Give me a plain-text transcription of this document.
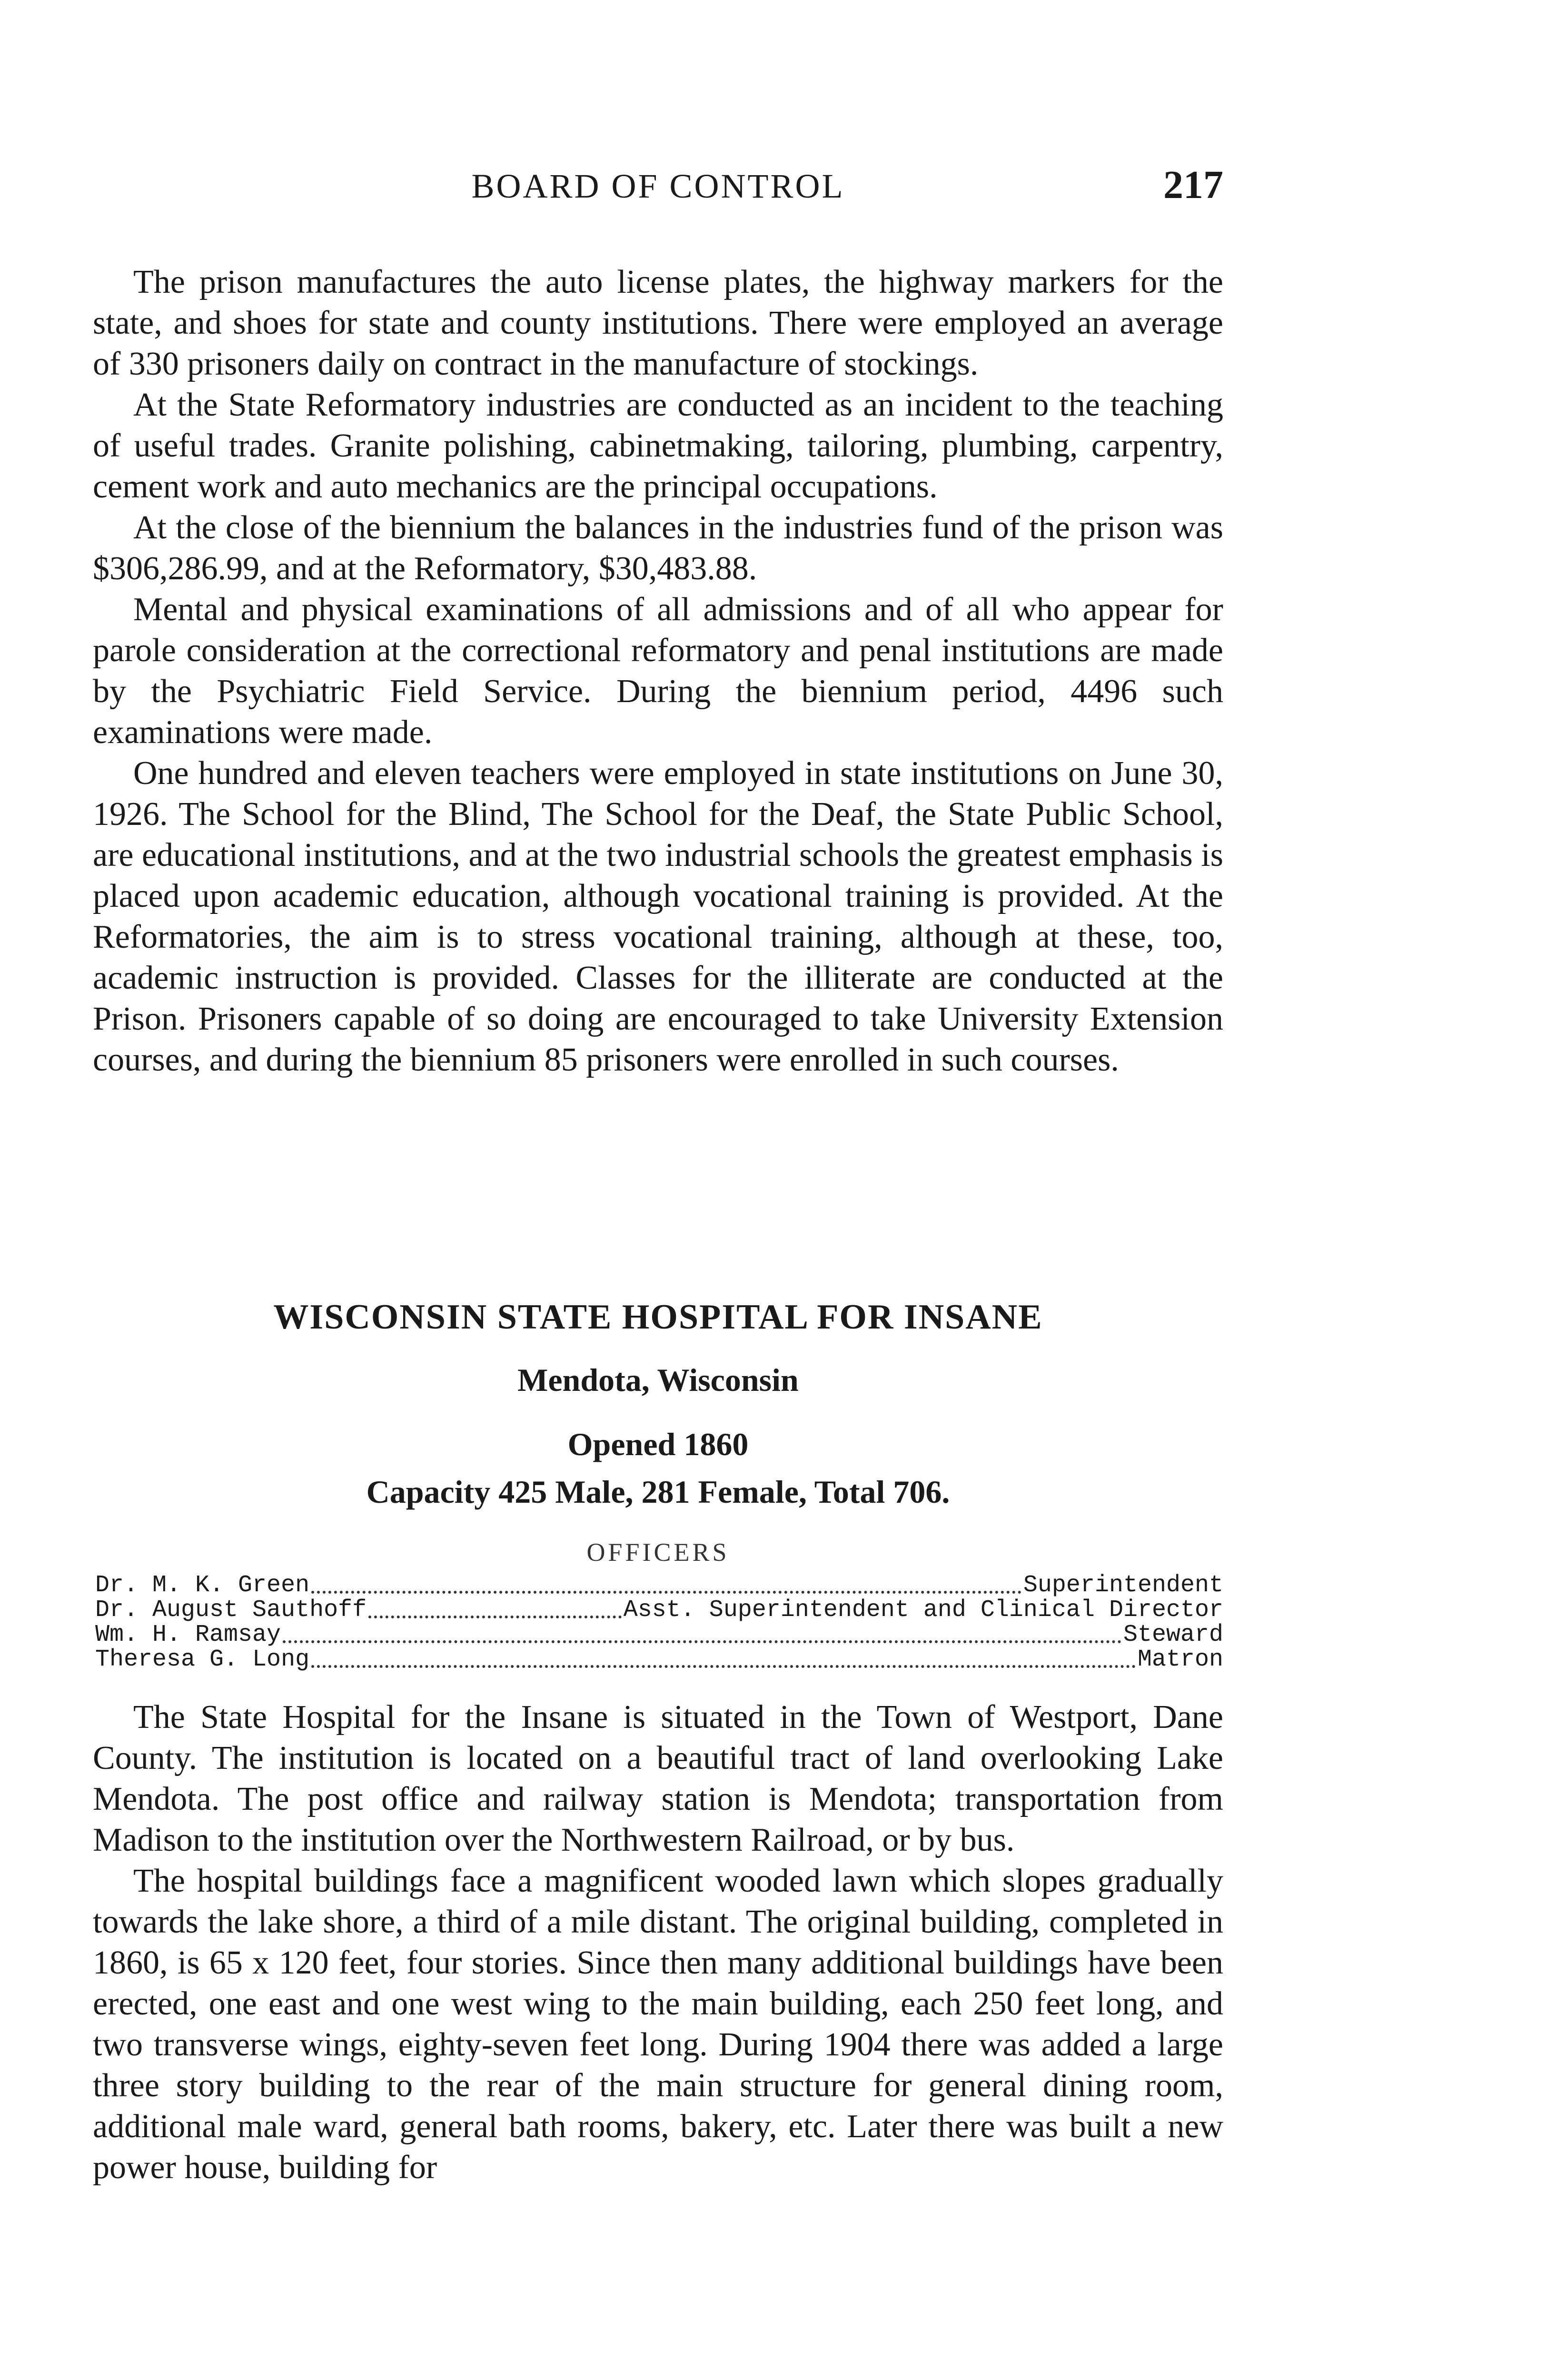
BOARD OF CONTROL	217

The prison manufactures the auto license plates, the highway markers for the state, and shoes for state and county institutions. There were employed an average of 330 prisoners daily on contract in the manufacture of stockings.

At the State Reformatory industries are conducted as an incident to the teaching of useful trades. Granite polishing, cabinetmaking, tailoring, plumbing, carpentry, cement work and auto mechanics are the principal occupations.

At the close of the biennium the balances in the industries fund of the prison was $306,286.99, and at the Reformatory, $30,483.88.

Mental and physical examinations of all admissions and of all who appear for parole consideration at the correctional reformatory and penal institutions are made by the Psychiatric Field Service. During the biennium period, 4496 such examinations were made.

One hundred and eleven teachers were employed in state institutions on June 30, 1926. The School for the Blind, The School for the Deaf, the State Public School, are educational institutions, and at the two industrial schools the greatest emphasis is placed upon academic education, although vocational training is provided. At the Reformatories, the aim is to stress vocational training, although at these, too, academic instruction is provided. Classes for the illiterate are conducted at the Prison. Prisoners capable of so doing are encouraged to take University Extension courses, and during the biennium 85 prisoners were enrolled in such courses.

WISCONSIN STATE HOSPITAL FOR INSANE
Mendota, Wisconsin
Opened 1860
Capacity 425 Male, 281 Female, Total 706.
OFFICERS
Dr. M. K. Green	Superintendent
Dr. August Sauthoff	Asst. Superintendent and Clinical Director
Wm. H. Ramsay	Steward
Theresa G. Long	Matron

The State Hospital for the Insane is situated in the Town of Westport, Dane County. The institution is located on a beautiful tract of land overlooking Lake Mendota. The post office and railway station is Mendota; transportation from Madison to the institution over the Northwestern Railroad, or by bus.

The hospital buildings face a magnificent wooded lawn which slopes gradually towards the lake shore, a third of a mile distant. The original building, completed in 1860, is 65 x 120 feet, four stories. Since then many additional buildings have been erected, one east and one west wing to the main building, each 250 feet long, and two transverse wings, eighty-seven feet long. During 1904 there was added a large three story building to the rear of the main structure for general dining room, additional male ward, general bath rooms, bakery, etc. Later there was built a new power house, building for
